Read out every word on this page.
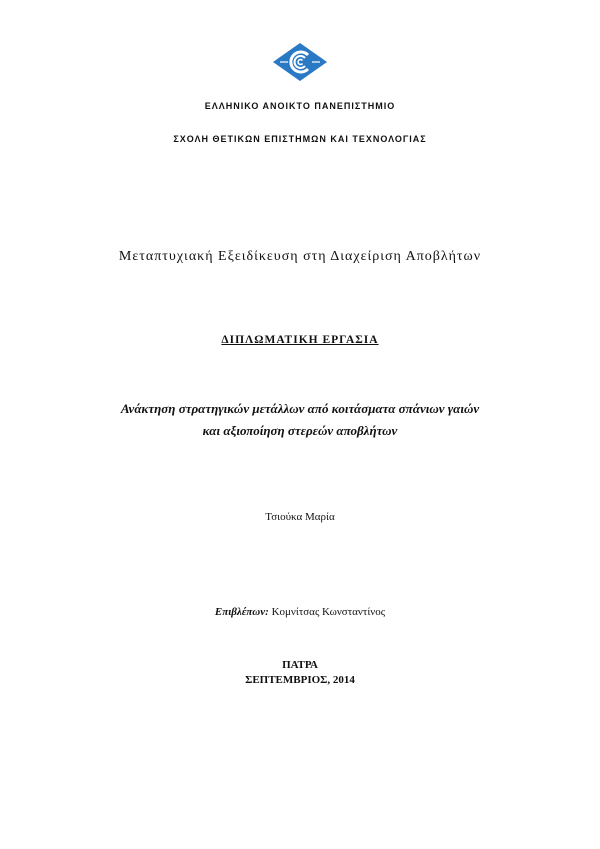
ΕΛΛΗΝΙΚΟ ΑΝΟΙΚΤΟ ΠΑΝΕΠΙΣΤΗΜΙΟ
ΣΧΟΛΗ ΘΕΤΙΚΩΝ ΕΠΙΣΤΗΜΩΝ ΚΑΙ ΤΕΧΝΟΛΟΓΙΑΣ
Μεταπτυχιακή Εξειδίκευση στη Διαχείριση Αποβλήτων
ΔΙΠΛΩΜΑΤΙΚΗ ΕΡΓΑΣΙΑ
Ανάκτηση στρατηγικών μετάλλων από κοιτάσματα σπάνιων γαιών
και αξιοποίηση στερεών αποβλήτων
Τσιούκα Μαρία
Επιβλέπων: Κομνίτσας Κωνσταντίνος
ΠΑΤΡΑ
ΣΕΠΤΕΜΒΡΙΟΣ, 2014
